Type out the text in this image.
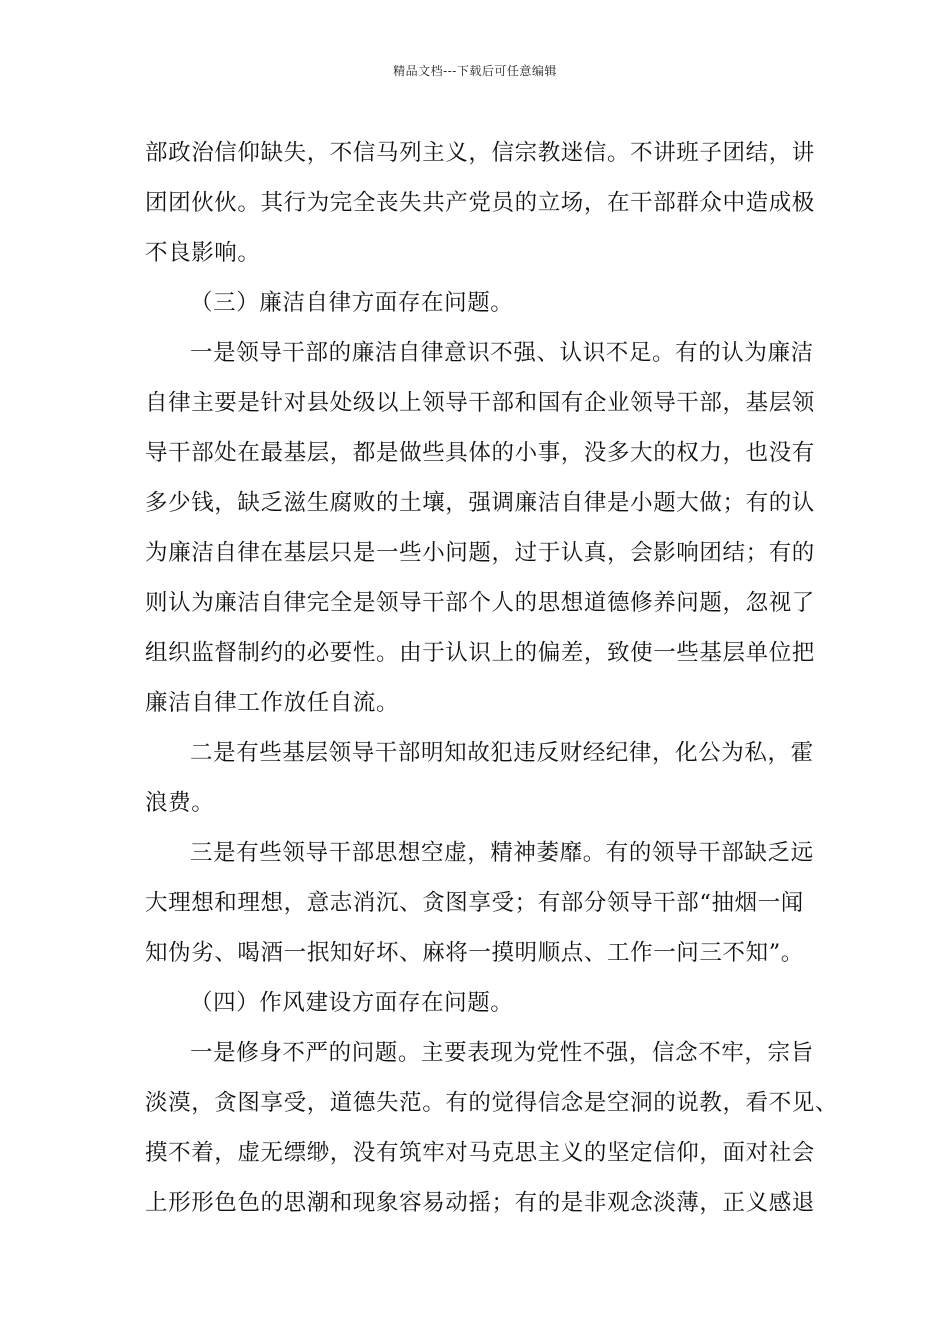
精品文档---下载后可任意编辑
部政治信仰缺失，不信马列主义，信宗教迷信。不讲班子团结，讲
团团伙伙。其行为完全丧失共产党员的立场，在干部群众中造成极
不良影响。
（三）廉洁自律方面存在问题。
一是领导干部的廉洁自律意识不强、认识不足。有的认为廉洁
自律主要是针对县处级以上领导干部和国有企业领导干部，基层领
导干部处在最基层，都是做些具体的小事，没多大的权力，也没有
多少钱，缺乏滋生腐败的土壤，强调廉洁自律是小题大做；有的认
为廉洁自律在基层只是一些小问题，过于认真，会影响团结；有的
则认为廉洁自律完全是领导干部个人的思想道德修养问题，忽视了
组织监督制约的必要性。由于认识上的偏差，致使一些基层单位把
廉洁自律工作放任自流。
二是有些基层领导干部明知故犯违反财经纪律，化公为私，霍
浪费。
三是有些领导干部思想空虚，精神萎靡。有的领导干部缺乏远
大理想和理想，意志消沉、贪图享受；有部分领导干部“抽烟一闻
知伪劣、喝酒一抿知好坏、麻将一摸明顺点、工作一问三不知”。
（四）作风建设方面存在问题。
一是修身不严的问题。主要表现为党性不强，信念不牢，宗旨
淡漠，贪图享受，道德失范。有的觉得信念是空洞的说教，看不见、
摸不着，虚无缥缈，没有筑牢对马克思主义的坚定信仰，面对社会
上形形色色的思潮和现象容易动摇；有的是非观念淡薄，正义感退
